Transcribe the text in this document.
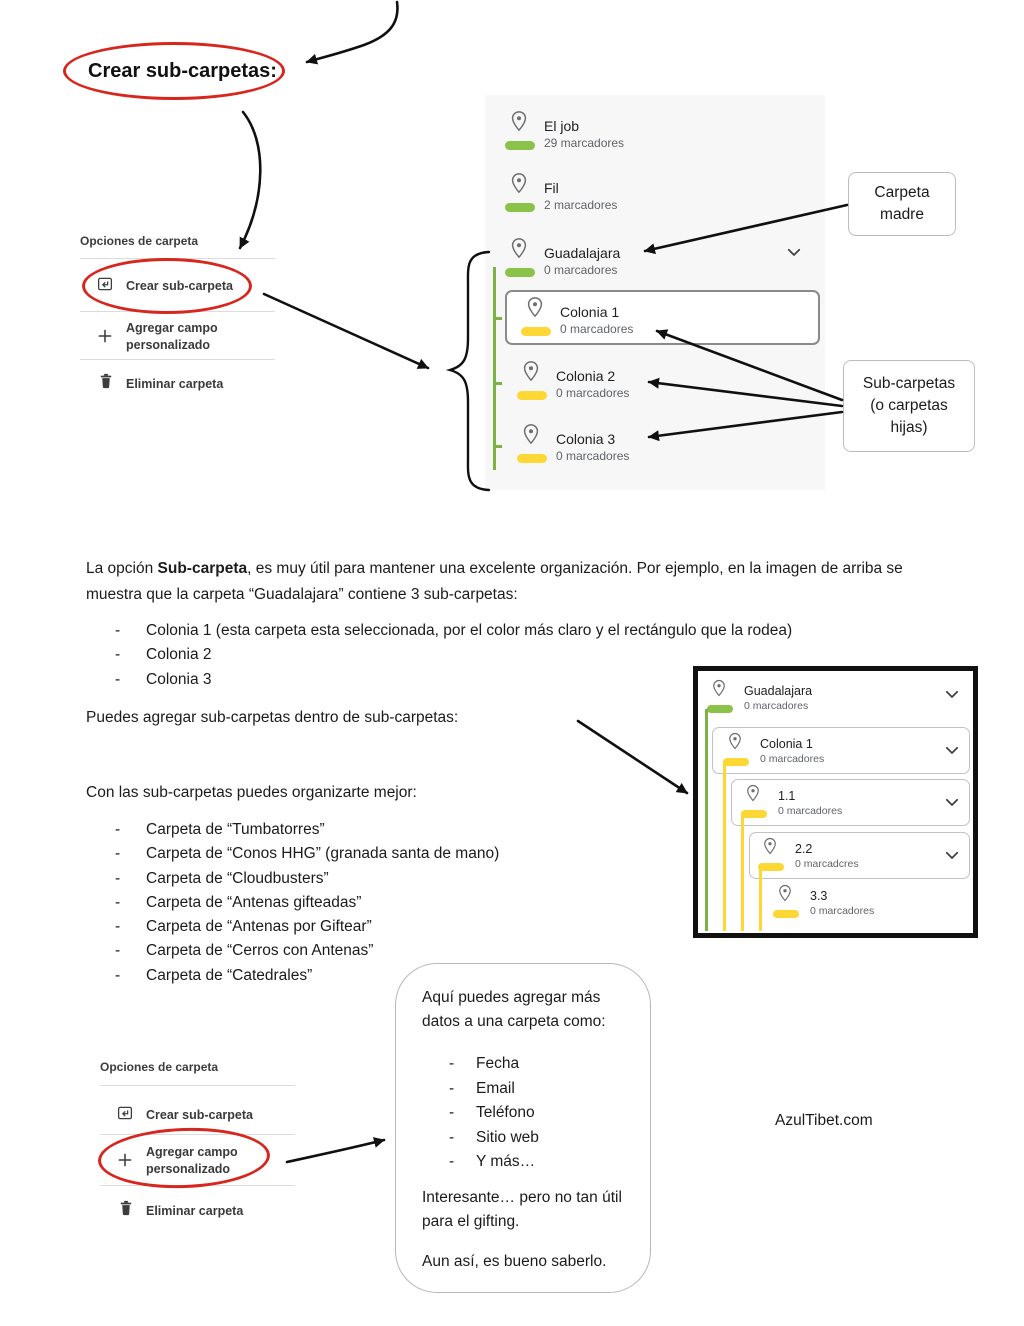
Crear sub-carpetas:
Opciones de carpeta
Crear sub-carpeta
Agregar campo personalizado
Eliminar carpeta
El job
29 marcadores
Fil
2 marcadores
Guadalajara
0 marcadores
Colonia 1
0 marcadores
Colonia 2
0 marcadores
Colonia 3
0 marcadores
Carpeta madre
Sub-carpetas (o carpetas hijas)
La opción Sub-carpeta, es muy útil para mantener una excelente organización. Por ejemplo, en la imagen de arriba se muestra que la carpeta “Guadalajara” contiene 3 sub-carpetas:
- Colonia 1 (esta carpeta esta seleccionada, por el color más claro y el rectángulo que la rodea)
- Colonia 2
- Colonia 3
Puedes agregar sub-carpetas dentro de sub-carpetas:
Con las sub-carpetas puedes organizarte mejor:
- Carpeta de “Tumbatorres”
- Carpeta de “Conos HHG” (granada santa de mano)
- Carpeta de “Cloudbusters”
- Carpeta de “Antenas gifteadas”
- Carpeta de “Antenas por Giftear”
- Carpeta de “Cerros con Antenas”
- Carpeta de “Catedrales”
Guadalajara
0 marcadores
Colonia 1
0 marcadores
1.1
0 marcadores
2.2
0 marcadcres
3.3
0 marcadores
Opciones de carpeta
Crear sub-carpeta
Agregar campo personalizado
Eliminar carpeta
Aquí puedes agregar más datos a una carpeta como:
- Fecha
- Email
- Teléfono
- Sitio web
- Y más…
Interesante… pero no tan útil para el gifting.
Aun así, es bueno saberlo.
AzulTibet.com
